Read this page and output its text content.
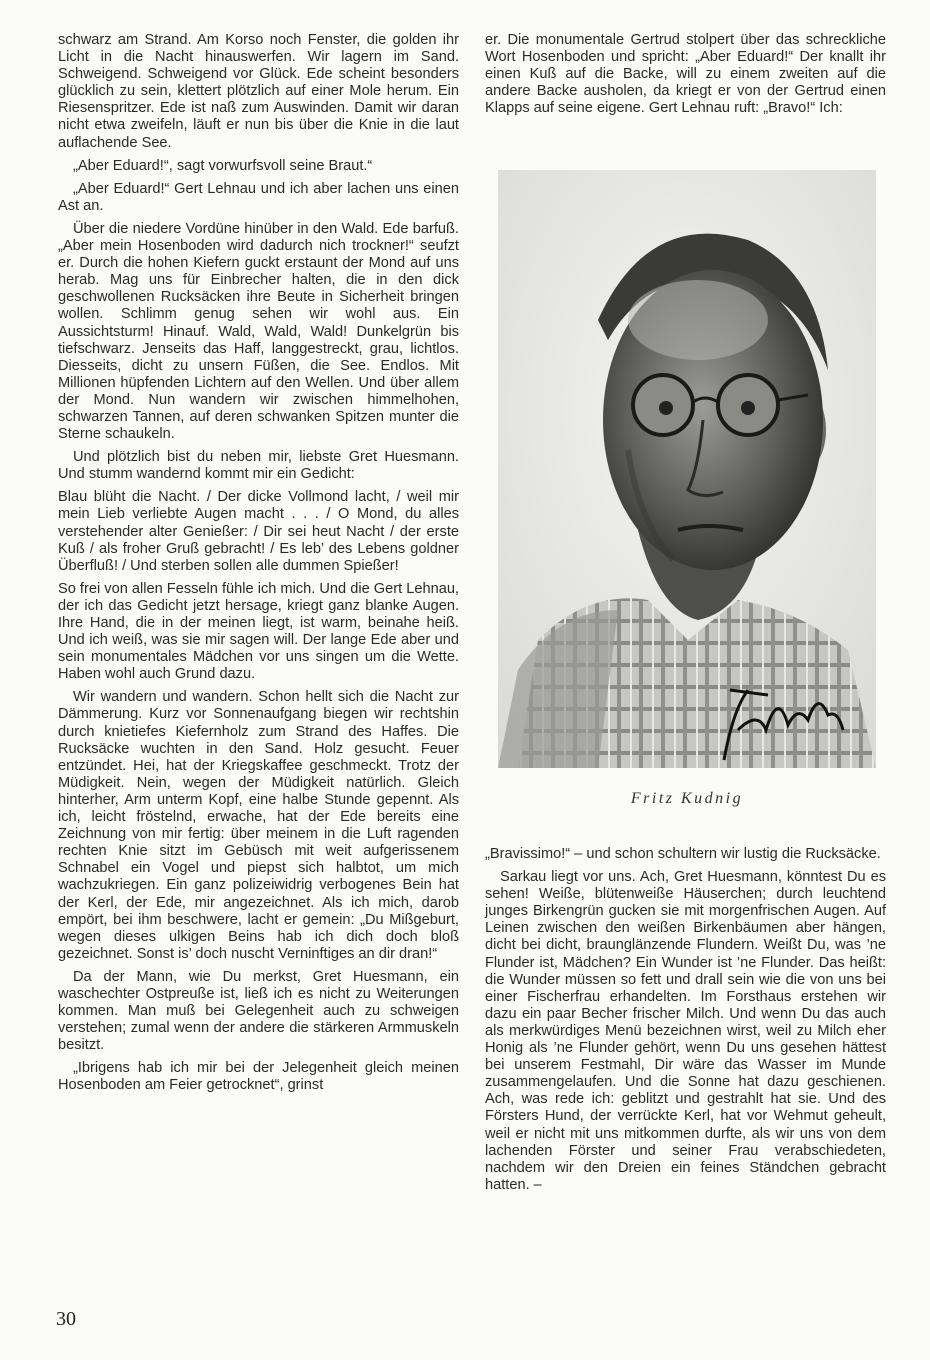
schwarz am Strand. Am Korso noch Fenster, die golden ihr Licht in die Nacht hinauswerfen. Wir lagern im Sand. Schweigend. Schweigend vor Glück. Ede scheint besonders glücklich zu sein, klettert plötzlich auf einer Mole herum. Ein Riesenspritzer. Ede ist naß zum Auswinden. Damit wir daran nicht etwa zweifeln, läuft er nun bis über die Knie in die laut auflachende See.

„Aber Eduard!“, sagt vorwurfsvoll seine Braut.“

„Aber Eduard!“ Gert Lehnau und ich aber lachen uns einen Ast an.

Über die niedere Vordüne hinüber in den Wald. Ede barfuß. „Aber mein Hosenboden wird dadurch nich trockner!“ seufzt er. Durch die hohen Kiefern guckt erstaunt der Mond auf uns herab. Mag uns für Einbrecher halten, die in den dick geschwollenen Rucksäcken ihre Beute in Sicherheit bringen wollen. Schlimm genug sehen wir wohl aus. Ein Aussichtsturm! Hinauf. Wald, Wald, Wald! Dunkelgrün bis tiefschwarz. Jenseits das Haff, langgestreckt, grau, lichtlos. Diesseits, dicht zu unsern Füßen, die See. Endlos. Mit Millionen hüpfenden Lichtern auf den Wellen. Und über allem der Mond. Nun wandern wir zwischen himmelhohen, schwarzen Tannen, auf deren schwanken Spitzen munter die Sterne schaukeln.

Und plötzlich bist du neben mir, liebste Gret Huesmann. Und stumm wandernd kommt mir ein Gedicht:

Blau blüht die Nacht. / Der dicke Vollmond lacht, / weil mir mein Lieb verliebte Augen macht . . . / O Mond, du alles verstehender alter Genießer: / Dir sei heut Nacht / der erste Kuß / als froher Gruß gebracht! / Es leb’ des Lebens goldner Überfluß! / Und sterben sollen alle dummen Spießer!

So frei von allen Fesseln fühle ich mich. Und die Gert Lehnau, der ich das Gedicht jetzt hersage, kriegt ganz blanke Augen. Ihre Hand, die in der meinen liegt, ist warm, beinahe heiß. Und ich weiß, was sie mir sagen will. Der lange Ede aber und sein monumentales Mädchen vor uns singen um die Wette. Haben wohl auch Grund dazu.

Wir wandern und wandern. Schon hellt sich die Nacht zur Dämmerung. Kurz vor Sonnenaufgang biegen wir rechtshin durch knietiefes Kiefernholz zum Strand des Haffes. Die Rucksäcke wuchten in den Sand. Holz gesucht. Feuer entzündet. Hei, hat der Kriegskaffee geschmeckt. Trotz der Müdigkeit. Nein, wegen der Müdigkeit natürlich. Gleich hinterher, Arm unterm Kopf, eine halbe Stunde gepennt. Als ich, leicht fröstelnd, erwache, hat der Ede bereits eine Zeichnung von mir fertig: über meinem in die Luft ragenden rechten Knie sitzt im Gebüsch mit weit aufgerissenem Schnabel ein Vogel und piepst sich halbtot, um mich wachzukriegen. Ein ganz polizeiwidrig verbogenes Bein hat der Kerl, der Ede, mir angezeichnet. Als ich mich, darob empört, bei ihm beschwere, lacht er gemein: „Du Mißgeburt, wegen dieses ulkigen Beins hab ich dich doch bloß gezeichnet. Sonst is’ doch nuscht Verninftiges an dir dran!“

Da der Mann, wie Du merkst, Gret Huesmann, ein waschechter Ostpreuße ist, ließ ich es nicht zu Weiterungen kommen. Man muß bei Gelegenheit auch zu schweigen verstehen; zumal wenn der andere die stärkeren Armmuskeln besitzt.

„Ibrigens hab ich mir bei der Jelegenheit gleich meinen Hosenboden am Feier getrocknet“, grinst

er. Die monumentale Gertrud stolpert über das schreckliche Wort Hosenboden und spricht: „Aber Eduard!“ Der knallt ihr einen Kuß auf die Backe, will zu einem zweiten auf die andere Backe ausholen, da kriegt er von der Gertrud einen Klapps auf seine eigene. Gert Lehnau ruft: „Bravo!“ Ich:

Fritz Kudnig

„Bravissimo!“ – und schon schultern wir lustig die Rucksäcke.

Sarkau liegt vor uns. Ach, Gret Huesmann, könntest Du es sehen! Weiße, blütenweiße Häuserchen; durch leuchtend junges Birkengrün gucken sie mit morgenfrischen Augen. Auf Leinen zwischen den weißen Birkenbäumen aber hängen, dicht bei dicht, braunglänzende Flundern. Weißt Du, was ’ne Flunder ist, Mädchen? Ein Wunder ist ’ne Flunder. Das heißt: die Wunder müssen so fett und drall sein wie die von uns bei einer Fischerfrau erhandelten. Im Forsthaus erstehen wir dazu ein paar Becher frischer Milch. Und wenn Du das auch als merkwürdiges Menü bezeichnen wirst, weil zu Milch eher Honig als ’ne Flunder gehört, wenn Du uns gesehen hättest bei unserem Festmahl, Dir wäre das Wasser im Munde zusammengelaufen. Und die Sonne hat dazu geschienen. Ach, was rede ich: geblitzt und gestrahlt hat sie. Und des Försters Hund, der verrückte Kerl, hat vor Wehmut geheult, weil er nicht mit uns mitkommen durfte, als wir uns von dem lachenden Förster und seiner Frau verabschiedeten, nachdem wir den Dreien ein feines Ständchen gebracht hatten. –

30
